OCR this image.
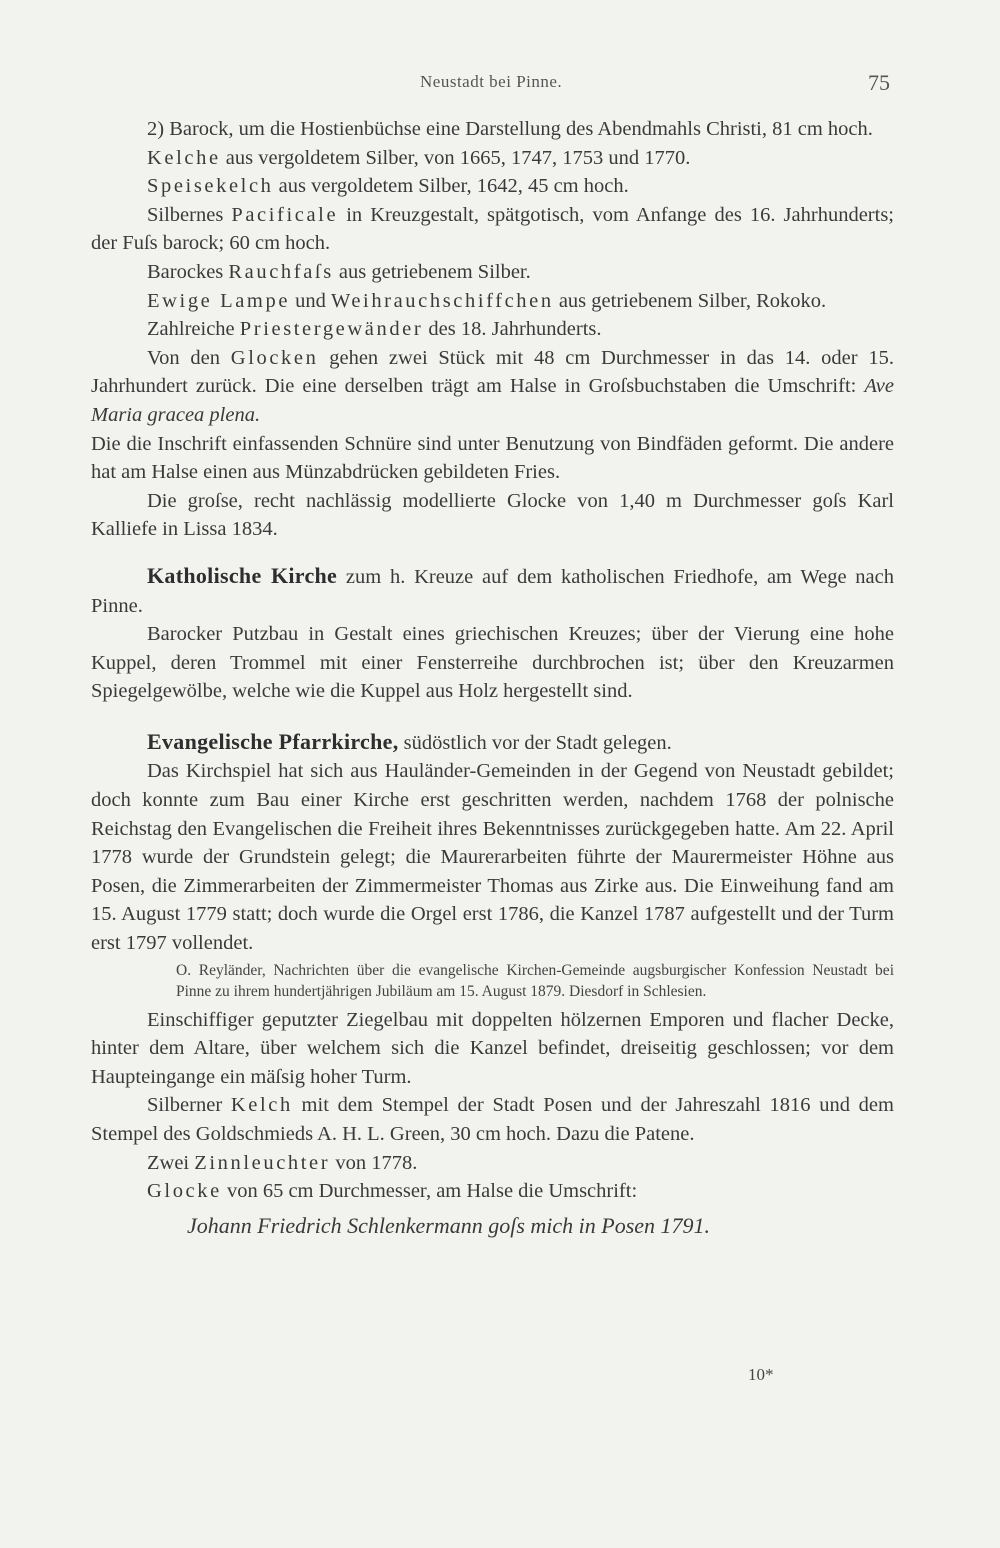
Neustadt bei Pinne.	75

2) Barock, um die Hostienbüchse eine Darstellung des Abendmahls Christi, 81 cm hoch.

Kelche aus vergoldetem Silber, von 1665, 1747, 1753 und 1770.

Speisekelch aus vergoldetem Silber, 1642, 45 cm hoch.

Silbernes Pacificale in Kreuzgestalt, spätgotisch, vom Anfange des 16. Jahrhunderts; der Fuſs barock; 60 cm hoch.

Barockes Rauchfaſs aus getriebenem Silber.

Ewige Lampe und Weihrauchschiffchen aus getriebenem Silber, Rokoko.

Zahlreiche Priestergewänder des 18. Jahrhunderts.

Von den Glocken gehen zwei Stück mit 48 cm Durchmesser in das 14. oder 15. Jahrhundert zurück. Die eine derselben trägt am Halse in Groſsbuchstaben die Umschrift: Ave Maria gracea plena.

Die die Inschrift einfassenden Schnüre sind unter Benutzung von Bindfäden geformt. Die andere hat am Halse einen aus Münzabdrücken gebildeten Fries.

Die groſse, recht nachlässig modellierte Glocke von 1,40 m Durchmesser goſs Karl Kalliefe in Lissa 1834.

Katholische Kirche zum h. Kreuze auf dem katholischen Friedhofe, am Wege nach Pinne.

Barocker Putzbau in Gestalt eines griechischen Kreuzes; über der Vierung eine hohe Kuppel, deren Trommel mit einer Fensterreihe durchbrochen ist; über den Kreuzarmen Spiegelgewölbe, welche wie die Kuppel aus Holz hergestellt sind.

Evangelische Pfarrkirche, südöstlich vor der Stadt gelegen.

Das Kirchspiel hat sich aus Hauländer-Gemeinden in der Gegend von Neustadt gebildet; doch konnte zum Bau einer Kirche erst geschritten werden, nachdem 1768 der polnische Reichstag den Evangelischen die Freiheit ihres Bekenntnisses zurückgegeben hatte. Am 22. April 1778 wurde der Grundstein gelegt; die Maurerarbeiten führte der Maurermeister Höhne aus Posen, die Zimmerarbeiten der Zimmermeister Thomas aus Zirke aus. Die Einweihung fand am 15. August 1779 statt; doch wurde die Orgel erst 1786, die Kanzel 1787 aufgestellt und der Turm erst 1797 vollendet.

O. Reyländer, Nachrichten über die evangelische Kirchen-Gemeinde augsburgischer Konfession Neustadt bei Pinne zu ihrem hundertjährigen Jubiläum am 15. August 1879. Diesdorf in Schlesien.

Einschiffiger geputzter Ziegelbau mit doppelten hölzernen Emporen und flacher Decke, hinter dem Altare, über welchem sich die Kanzel befindet, dreiseitig geschlossen; vor dem Haupteingange ein mäſsig hoher Turm.

Silberner Kelch mit dem Stempel der Stadt Posen und der Jahreszahl 1816 und dem Stempel des Goldschmieds A. H. L. Green, 30 cm hoch. Dazu die Patene.

Zwei Zinnleuchter von 1778.

Glocke von 65 cm Durchmesser, am Halse die Umschrift:

Johann Friedrich Schlenkermann goſs mich in Posen 1791.

10*
